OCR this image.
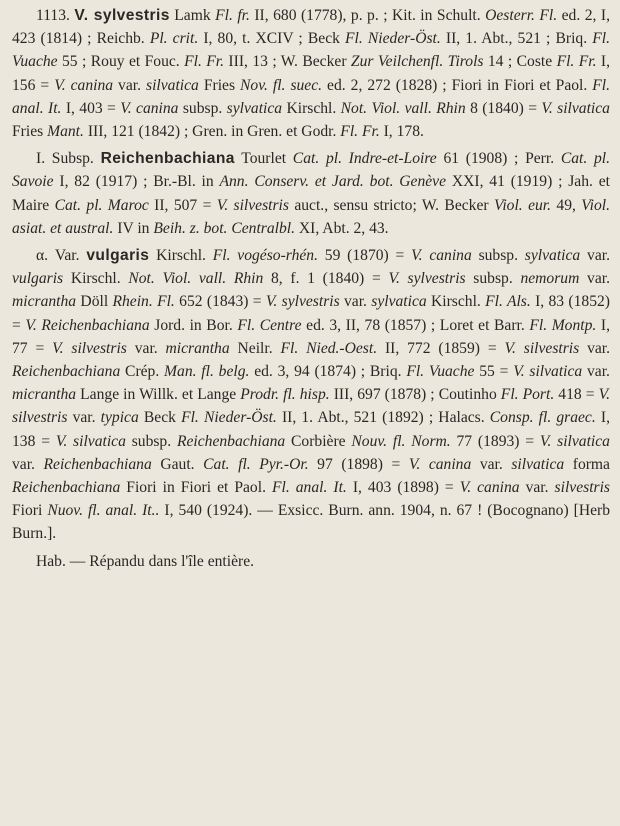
1113. V. sylvestris Lamk Fl. fr. II, 680 (1778), p. p. ; Kit. in Schult. Oesterr. Fl. ed. 2, I, 423 (1814) ; Reichb. Pl. crit. I, 80, t. XCIV ; Beck Fl. Nieder-Öst. II, 1. Abt., 521 ; Briq. Fl. Vuache 55 ; Rouy et Fouc. Fl. Fr. III, 13 ; W. Becker Zur Veilchenfl. Tirols 14 ; Coste Fl. Fr. I, 156 = V. canina var. silvatica Fries Nov. fl. suec. ed. 2, 272 (1828) ; Fiori in Fiori et Paol. Fl. anal. It. I, 403 = V. canina subsp. sylvatica Kirschl. Not. Viol. vall. Rhin 8 (1840) = V. silvatica Fries Mant. III, 121 (1842) ; Gren. in Gren. et Godr. Fl. Fr. I, 178.

I. Subsp. Reichenbachiana Tourlet Cat. pl. Indre-et-Loire 61 (1908) ; Perr. Cat. pl. Savoie I, 82 (1917) ; Br.-Bl. in Ann. Conserv. et Jard. bot. Genève XXI, 41 (1919) ; Jah. et Maire Cat. pl. Maroc II, 507 = V. silvestris auct., sensu stricto; W. Becker Viol. eur. 49, Viol. asiat. et austral. IV in Beih. z. bot. Centralbl. XI, Abt. 2, 43.

α. Var. vulgaris Kirschl. Fl. vogéso-rhén. 59 (1870) = V. canina subsp. sylvatica var. vulgaris Kirschl. Not. Viol. vall. Rhin 8, f. 1 (1840) = V. sylvestris subsp. nemorum var. micrantha Döll Rhein. Fl. 652 (1843) = V. sylvestris var. sylvatica Kirschl. Fl. Als. I, 83 (1852) = V. Reichenbachiana Jord. in Bor. Fl. Centre ed. 3, II, 78 (1857) ; Loret et Barr. Fl. Montp. I, 77 = V. silvestris var. micrantha Neilr. Fl. Nied.-Oest. II, 772 (1859) = V. silvestris var. Reichenbachiana Crép. Man. fl. belg. ed. 3, 94 (1874) ; Briq. Fl. Vuache 55 = V. silvatica var. micrantha Lange in Willk. et Lange Prodr. fl. hisp. III, 697 (1878) ; Coutinho Fl. Port. 418 = V. silvestris var. typica Beck Fl. Nieder-Öst. II, 1. Abt., 521 (1892) ; Halacs. Consp. fl. graec. I, 138 = V. silvatica subsp. Reichenbachiana Corbière Nouv. fl. Norm. 77 (1893) = V. silvatica var. Reichenbachiana Gaut. Cat. fl. Pyr.-Or. 97 (1898) = V. canina var. silvatica forma Reichenbachiana Fiori in Fiori et Paol. Fl. anal. It. I, 403 (1898) = V. canina var. silvestris Fiori Nuov. fl. anal. It.. I, 540 (1924). — Exsicc. Burn. ann. 1904, n. 67 ! (Bocognano) [Herb Burn.].

Hab. — Répandu dans l'île entière.
